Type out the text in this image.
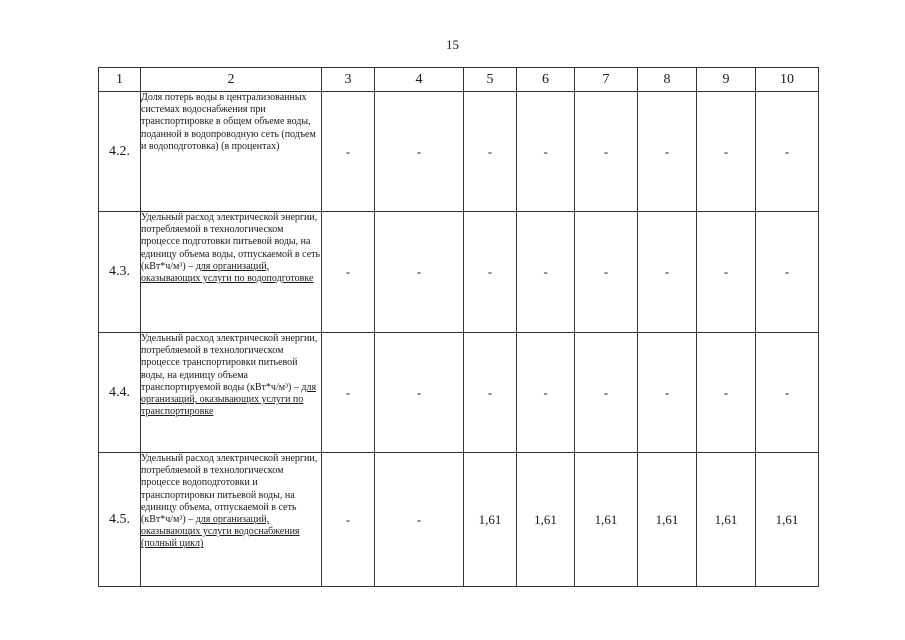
15
1	2	3	4	5	6	7	8	9	10
4.2.	Доля потерь воды в централизованных системах водоснабжения при транспортировке в общем объеме воды, поданной в водопроводную сеть (подъем и водоподготовка) (в процентах)	-	-	-	-	-	-	-	-
4.3.	Удельный расход электрической энергии, потребляемой в технологическом процессе подготовки питьевой воды, на единицу объема воды, отпускаемой в сеть (кВт*ч/м³) – для организаций, оказывающих услуги по водоподготовке	-	-	-	-	-	-	-	-
4.4.	Удельный расход электрической энергии, потребляемой в технологическом процессе транспортировки питьевой воды, на единицу объема транспортируемой воды (кВт*ч/м³) – для организаций, оказывающих услуги по транспортировке	-	-	-	-	-	-	-	-
4.5.	Удельный расход электрической энергии, потребляемой в технологическом процессе водоподготовки и транспортировки питьевой воды, на единицу объема, отпускаемой в сеть (кВт*ч/м³) – для организаций, оказывающих услуги водоснабжения (полный цикл)	-	-	1,61	1,61	1,61	1,61	1,61	1,61
